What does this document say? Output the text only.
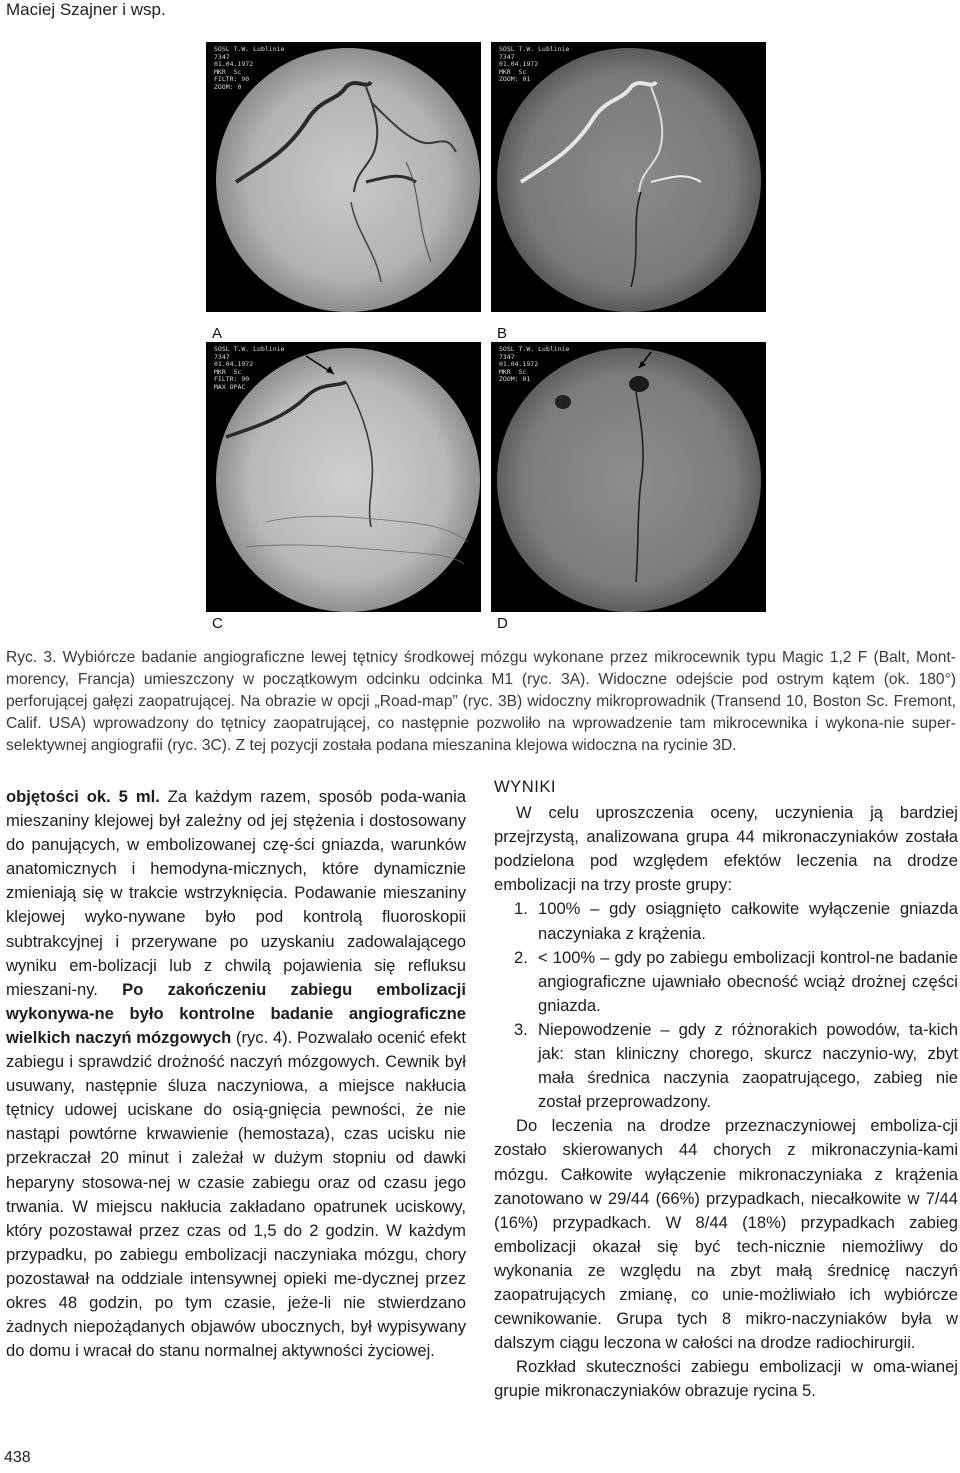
Maciej Szajner i wsp.
SOSL T.W. Lublinie
7347
01.04.1972
MKR  Sc
FILTR: 90
ZOOM: 0
A
SOSL T.W. Lublinie
7347
01.04.1972
MKR  Sc
ZOOM: 01
B
SOSL T.W. Lublinie
7347
01.04.1972
MKR  Sc
FILTR: 90
MAX OPAC
C
SOSL T.W. Lublinie
7347
01.04.1972
MKR  Sc
ZOOM: 01
D

Ryc. 3. Wybiórcze badanie angiograficzne lewej tętnicy środkowej mózgu wykonane przez mikrocewnik typu Magic 1,2 F (Balt, Mont-morency, Francja) umieszczony w początkowym odcinku odcinka M1 (ryc. 3A). Widoczne odejście pod ostrym kątem (ok. 180°) perforującej gałęzi zaopatrującej. Na obrazie w opcji „Road-map” (ryc. 3B) widoczny mikroprowadnik (Transend 10, Boston Sc. Fremont, Calif. USA) wprowadzony do tętnicy zaopatrującej, co następnie pozwoliło na wprowadzenie tam mikrocewnika i wykona-nie super-selektywnej angiografii (ryc. 3C). Z tej pozycji została podana mieszanina klejowa widoczna na rycinie 3D.

objętości ok. 5 ml. Za każdym razem, sposób poda-wania mieszaniny klejowej był zależny od jej stężenia i dostosowany do panujących, w embolizowanej czę-ści gniazda, warunków anatomicznych i hemodyna-micznych, które dynamicznie zmieniają się w trakcie wstrzyknięcia. Podawanie mieszaniny klejowej wyko-nywane było pod kontrolą fluoroskopii subtrakcyjnej i przerywane po uzyskaniu zadowalającego wyniku em-bolizacji lub z chwilą pojawienia się refluksu mieszani-ny. Po zakończeniu zabiegu embolizacji wykonywa-ne było kontrolne badanie angiograficzne wielkich naczyń mózgowych (ryc. 4). Pozwalało ocenić efekt zabiegu i sprawdzić drożność naczyń mózgowych. Cewnik był usuwany, następnie śluza naczyniowa, a miejsce nakłucia tętnicy udowej uciskane do osią-gnięcia pewności, że nie nastąpi powtórne krwawienie (hemostaza), czas ucisku nie przekraczał 20 minut i zależał w dużym stopniu od dawki heparyny stosowa-nej w czasie zabiegu oraz od czasu jego trwania. W miejscu nakłucia zakładano opatrunek uciskowy, który pozostawał przez czas od 1,5 do 2 godzin. W każdym przypadku, po zabiegu embolizacji naczyniaka mózgu, chory pozostawał na oddziale intensywnej opieki me-dycznej przez okres 48 godzin, po tym czasie, jeże-li nie stwierdzano żadnych niepożądanych objawów ubocznych, był wypisywany do domu i wracał do stanu normalnej aktywności życiowej.

WYNIKI

W celu uproszczenia oceny, uczynienia ją bardziej przejrzystą, analizowana grupa 44 mikronaczyniaków została podzielona pod względem efektów leczenia na drodze embolizacji na trzy proste grupy:

1. 100% – gdy osiągnięto całkowite wyłączenie gniazda naczyniaka z krążenia.
2. < 100% – gdy po zabiegu embolizacji kontrol-ne badanie angiograficzne ujawniało obecność wciąż drożnej części gniazda.
3. Niepowodzenie – gdy z różnorakich powodów, ta-kich jak: stan kliniczny chorego, skurcz naczynio-wy, zbyt mała średnica naczynia zaopatrującego, zabieg nie został przeprowadzony.

Do leczenia na drodze przeznaczyniowej emboliza-cji zostało skierowanych 44 chorych z mikronaczynia-kami mózgu. Całkowite wyłączenie mikronaczyniaka z krążenia zanotowano w 29/44 (66%) przypadkach, niecałkowite w 7/44 (16%) przypadkach. W 8/44 (18%) przypadkach zabieg embolizacji okazał się być tech-nicznie niemożliwy do wykonania ze względu na zbyt małą średnicę naczyń zaopatrujących zmianę, co unie-możliwiało ich wybiórcze cewnikowanie. Grupa tych 8 mikro-naczyniaków była w dalszym ciągu leczona w całości na drodze radiochirurgii.

Rozkład skuteczności zabiegu embolizacji w oma-wianej grupie mikronaczyniaków obrazuje rycina 5.

438
